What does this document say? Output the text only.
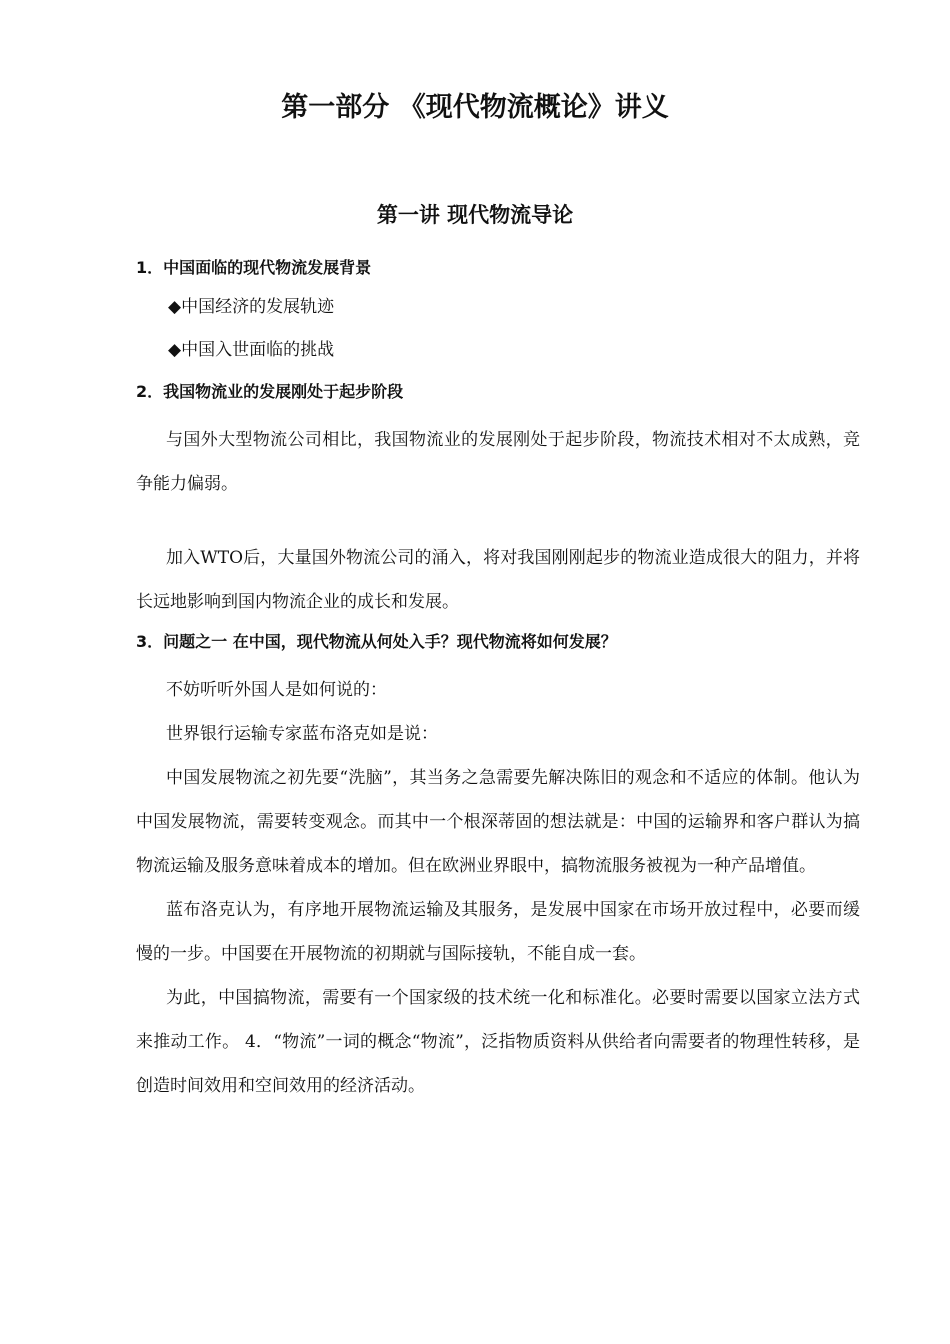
第一部分 《现代物流概论》讲义
第一讲 现代物流导论
1．中国面临的现代物流发展背景
◆中国经济的发展轨迹
◆中国入世面临的挑战
2．我国物流业的发展刚处于起步阶段

与国外大型物流公司相比，我国物流业的发展刚处于起步阶段，物流技术相对不太成熟，竞争能力偏弱。

加入WTO后，大量国外物流公司的涌入，将对我国刚刚起步的物流业造成很大的阻力，并将长远地影响到国内物流企业的成长和发展。

3．问题之一 在中国，现代物流从何处入手？现代物流将如何发展？

不妨听听外国人是如何说的：

世界银行运输专家蓝布洛克如是说：

中国发展物流之初先要“洗脑”，其当务之急需要先解决陈旧的观念和不适应的体制。他认为中国发展物流，需要转变观念。而其中一个根深蒂固的想法就是：中国的运输界和客户群认为搞物流运输及服务意味着成本的增加。但在欧洲业界眼中，搞物流服务被视为一种产品增值。

蓝布洛克认为，有序地开展物流运输及其服务，是发展中国家在市场开放过程中，必要而缓慢的一步。中国要在开展物流的初期就与国际接轨，不能自成一套。

为此，中国搞物流，需要有一个国家级的技术统一化和标准化。必要时需要以国家立法方式来推动工作。 4．“物流”一词的概念“物流”，泛指物质资料从供给者向需要者的物理性转移，是创造时间效用和空间效用的经济活动。
